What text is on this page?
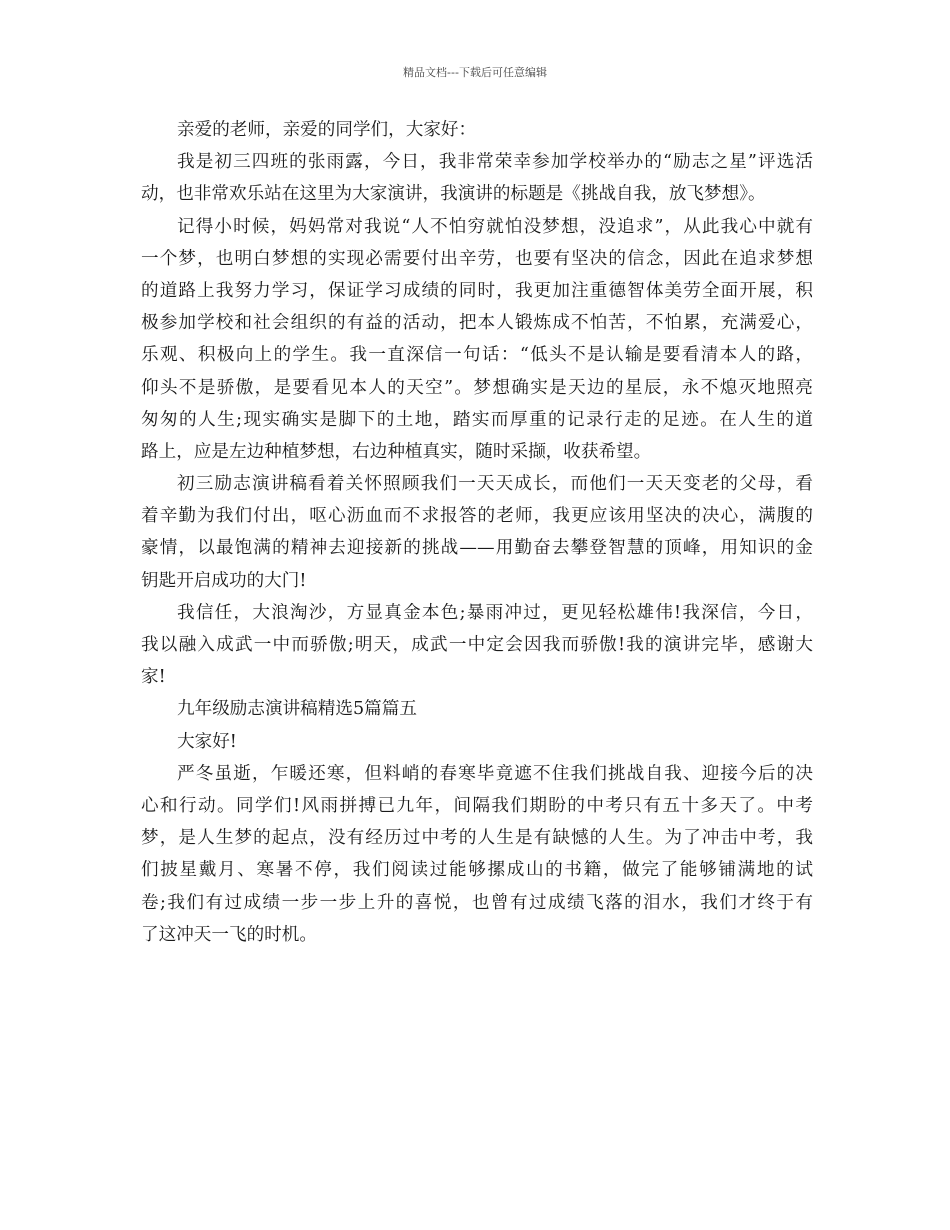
精品文档---下载后可任意编辑
亲爱的老师，亲爱的同学们，大家好：
我是初三四班的张雨露，今日，我非常荣幸参加学校举办的“励志之星”评选活
动，也非常欢乐站在这里为大家演讲，我演讲的标题是《挑战自我，放飞梦想》。
记得小时候，妈妈常对我说“人不怕穷就怕没梦想，没追求”，从此我心中就有
一个梦，也明白梦想的实现必需要付出辛劳，也要有坚决的信念，因此在追求梦想
的道路上我努力学习，保证学习成绩的同时，我更加注重德智体美劳全面开展，积
极参加学校和社会组织的有益的活动，把本人锻炼成不怕苦，不怕累，充满爱心，
乐观、积极向上的学生。我一直深信一句话：“低头不是认输是要看清本人的路，
仰头不是骄傲，是要看见本人的天空”。梦想确实是天边的星辰，永不熄灭地照亮
匆匆的人生;现实确实是脚下的土地，踏实而厚重的记录行走的足迹。在人生的道
路上，应是左边种植梦想，右边种植真实，随时采撷，收获希望。
初三励志演讲稿看着关怀照顾我们一天天成长，而他们一天天变老的父母，看
着辛勤为我们付出，呕心沥血而不求报答的老师，我更应该用坚决的决心，满腹的
豪情，以最饱满的精神去迎接新的挑战——用勤奋去攀登智慧的顶峰，用知识的金
钥匙开启成功的大门!
我信任，大浪淘沙，方显真金本色;暴雨冲过，更见轻松雄伟!我深信，今日，
我以融入成武一中而骄傲;明天，成武一中定会因我而骄傲!我的演讲完毕，感谢大
家!
九年级励志演讲稿精选5篇篇五
大家好!
严冬虽逝，乍暖还寒，但料峭的春寒毕竟遮不住我们挑战自我、迎接今后的决
心和行动。同学们!风雨拼搏已九年，间隔我们期盼的中考只有五十多天了。中考
梦，是人生梦的起点，没有经历过中考的人生是有缺憾的人生。为了冲击中考，我
们披星戴月、寒暑不停，我们阅读过能够摞成山的书籍，做完了能够铺满地的试
卷;我们有过成绩一步一步上升的喜悦，也曾有过成绩飞落的泪水，我们才终于有
了这冲天一飞的时机。
